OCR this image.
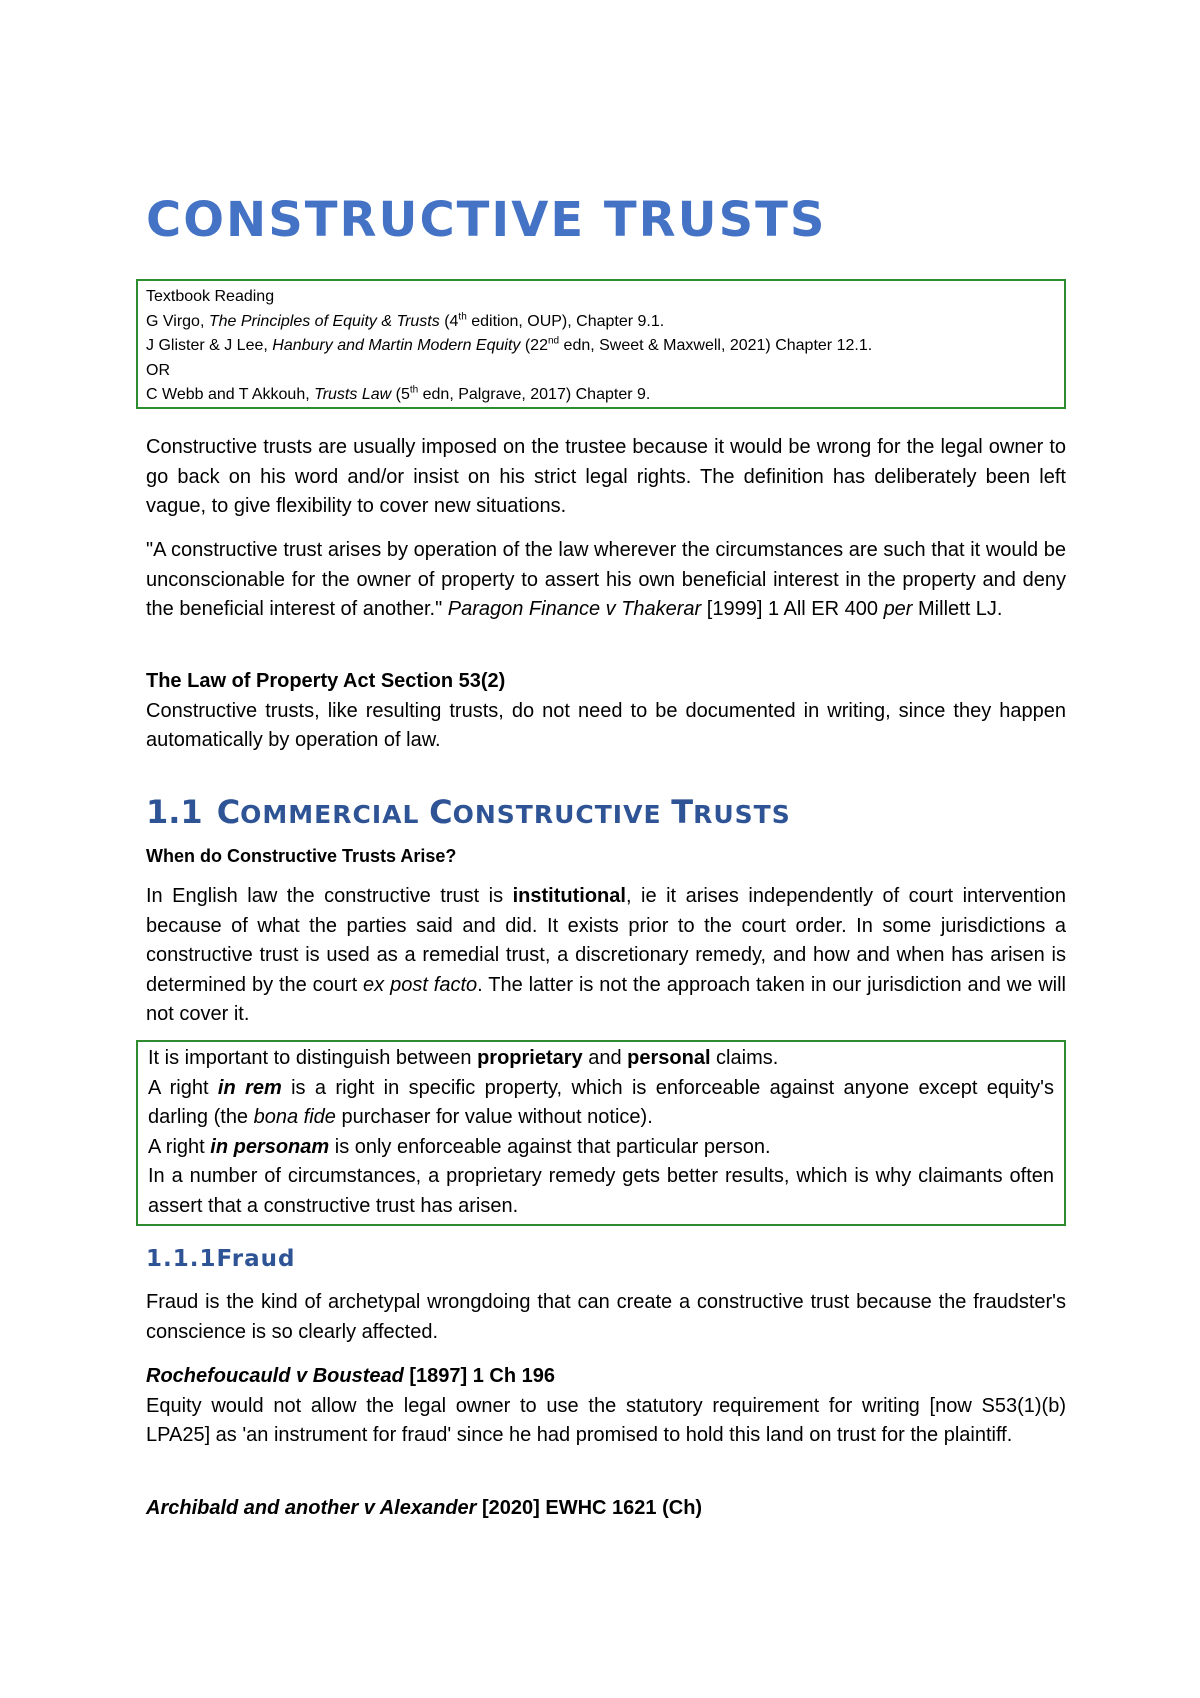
CONSTRUCTIVE TRUSTS
Textbook Reading
G Virgo, The Principles of Equity & Trusts (4th edition, OUP), Chapter 9.1.
J Glister & J Lee, Hanbury and Martin Modern Equity (22nd edn, Sweet & Maxwell, 2021) Chapter 12.1.
OR
C Webb and T Akkouh, Trusts Law (5th edn, Palgrave, 2017) Chapter 9.

Constructive trusts are usually imposed on the trustee because it would be wrong for the legal owner to go back on his word and/or insist on his strict legal rights. The definition has deliberately been left vague, to give flexibility to cover new situations.

"A constructive trust arises by operation of the law wherever the circumstances are such that it would be unconscionable for the owner of property to assert his own beneficial interest in the property and deny the beneficial interest of another." Paragon Finance v Thakerar [1999] 1 All ER 400 per Millett LJ.

The Law of Property Act Section 53(2)
Constructive trusts, like resulting trusts, do not need to be documented in writing, since they happen automatically by operation of law.

1.1 COMMERCIAL CONSTRUCTIVE TRUSTS

When do Constructive Trusts Arise?

In English law the constructive trust is institutional, ie it arises independently of court intervention because of what the parties said and did. It exists prior to the court order. In some jurisdictions a constructive trust is used as a remedial trust, a discretionary remedy, and how and when has arisen is determined by the court ex post facto. The latter is not the approach taken in our jurisdiction and we will not cover it.

It is important to distinguish between proprietary and personal claims.
A right in rem is a right in specific property, which is enforceable against anyone except equity's darling (the bona fide purchaser for value without notice).
A right in personam is only enforceable against that particular person.
In a number of circumstances, a proprietary remedy gets better results, which is why claimants often assert that a constructive trust has arisen.
1.1.1Fraud

Fraud is the kind of archetypal wrongdoing that can create a constructive trust because the fraudster's conscience is so clearly affected.

Rochefoucauld v Boustead [1897] 1 Ch 196
Equity would not allow the legal owner to use the statutory requirement for writing [now S53(1)(b) LPA25] as 'an instrument for fraud' since he had promised to hold this land on trust for the plaintiff.

Archibald and another v Alexander [2020] EWHC 1621 (Ch)
